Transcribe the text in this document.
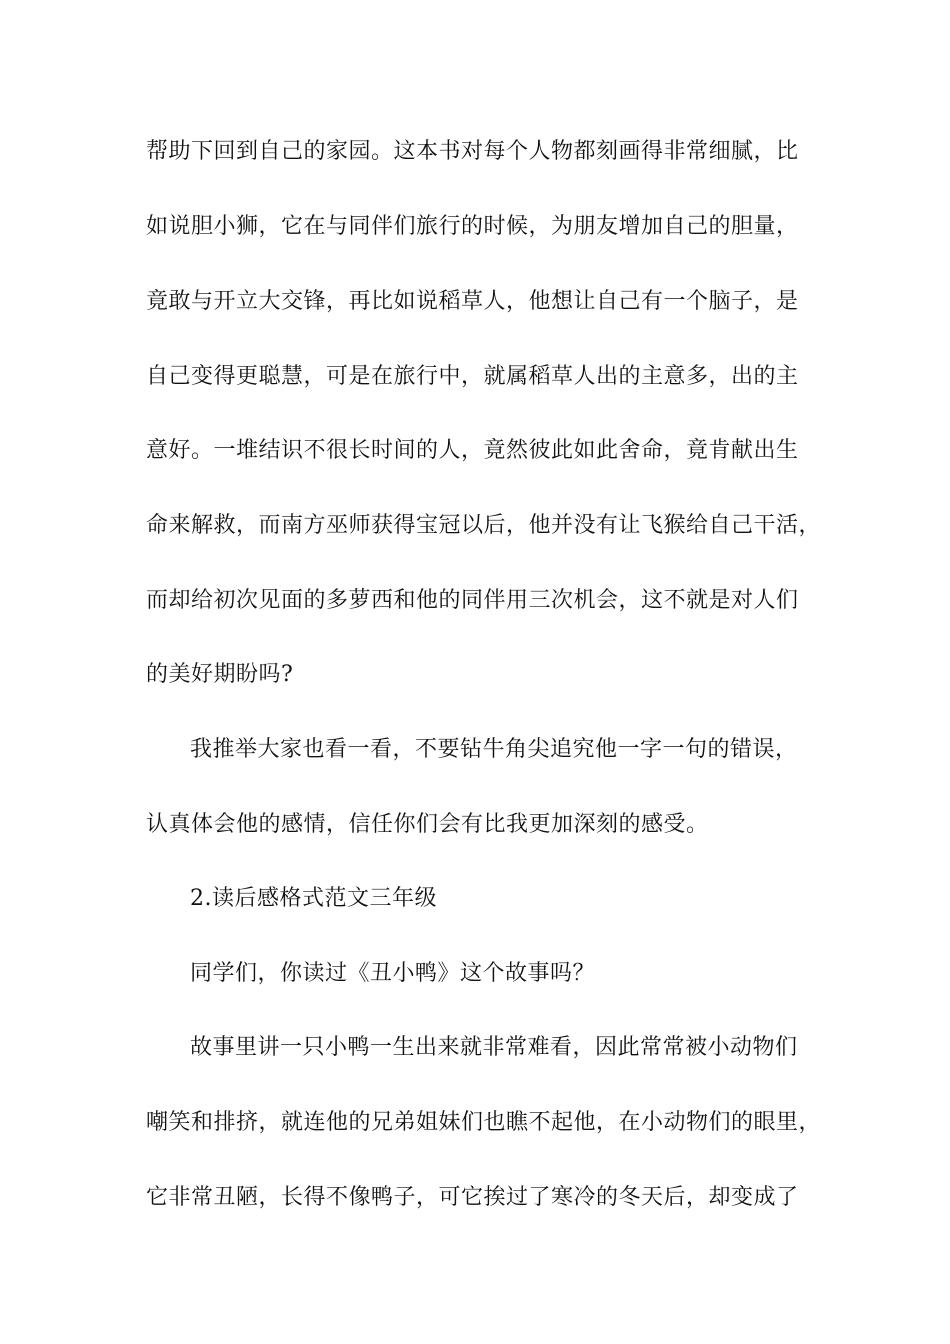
帮助下回到自己的家园。这本书对每个人物都刻画得非常细腻，比
如说胆小狮，它在与同伴们旅行的时候，为朋友增加自己的胆量，
竟敢与开立大交锋，再比如说稻草人，他想让自己有一个脑子，是
自己变得更聪慧，可是在旅行中，就属稻草人出的主意多，出的主
意好。一堆结识不很长时间的人，竟然彼此如此舍命，竟肯献出生
命来解救，而南方巫师获得宝冠以后，他并没有让飞猴给自己干活，
而却给初次见面的多萝西和他的同伴用三次机会，这不就是对人们
的美好期盼吗?
我推举大家也看一看，不要钻牛角尖追究他一字一句的错误，
认真体会他的感情，信任你们会有比我更加深刻的感受。
2.读后感格式范文三年级
同学们，你读过《丑小鸭》这个故事吗？
故事里讲一只小鸭一生出来就非常难看，因此常常被小动物们
嘲笑和排挤，就连他的兄弟姐妹们也瞧不起他，在小动物们的眼里，
它非常丑陋，长得不像鸭子，可它挨过了寒冷的冬天后，却变成了
